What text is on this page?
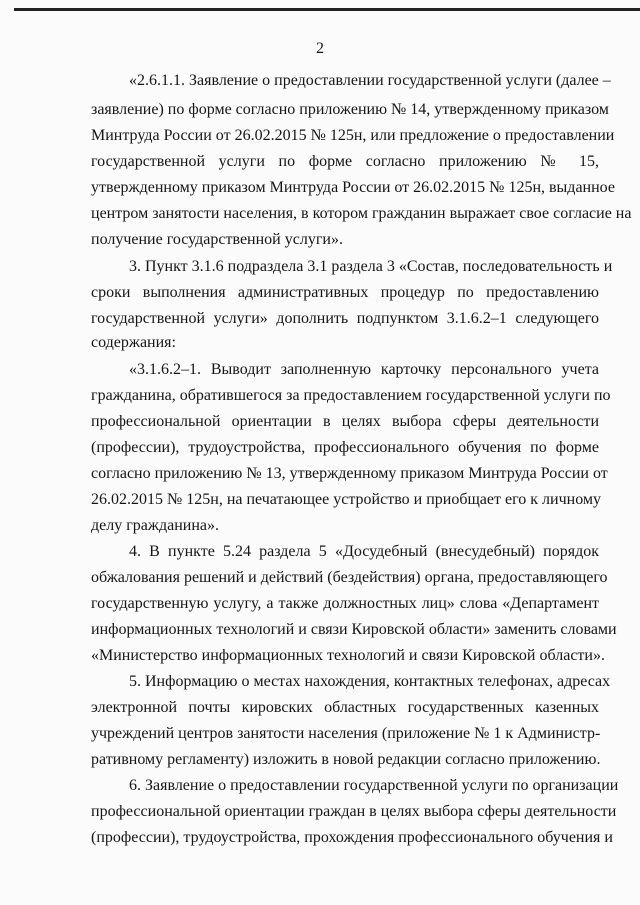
2
«2.6.1.1. Заявление о предоставлении государственной услуги (далее –
заявление) по форме согласно приложению № 14, утвержденному приказом
Минтруда России от 26.02.2015 № 125н, или предложение о предоставлении
государственной услуги по форме согласно приложению № 15,
утвержденному приказом Минтруда России от 26.02.2015 № 125н, выданное
центром занятости населения, в котором гражданин выражает свое согласие на
получение государственной услуги».
3. Пункт 3.1.6 подраздела 3.1 раздела 3 «Состав, последовательность и
сроки выполнения административных процедур по предоставлению
государственной услуги» дополнить подпунктом 3.1.6.2–1 следующего
содержания:
«3.1.6.2–1. Выводит заполненную карточку персонального учета
гражданина, обратившегося за предоставлением государственной услуги по
профессиональной ориентации в целях выбора сферы деятельности
(профессии), трудоустройства, профессионального обучения по форме
согласно приложению № 13, утвержденному приказом Минтруда России от
26.02.2015 № 125н, на печатающее устройство и приобщает его к личному
делу гражданина».
4. В пункте 5.24 раздела 5 «Досудебный (внесудебный) порядок
обжалования решений и действий (бездействия) органа, предоставляющего
государственную услугу, а также должностных лиц» слова «Департамент
информационных технологий и связи Кировской области» заменить словами
«Министерство информационных технологий и связи Кировской области».
5. Информацию о местах нахождения, контактных телефонах, адресах
электронной почты кировских областных государственных казенных
учреждений центров занятости населения (приложение № 1 к Администр-
ративному регламенту) изложить в новой редакции согласно приложению.
6. Заявление о предоставлении государственной услуги по организации
профессиональной ориентации граждан в целях выбора сферы деятельности
(профессии), трудоустройства, прохождения профессионального обучения и
